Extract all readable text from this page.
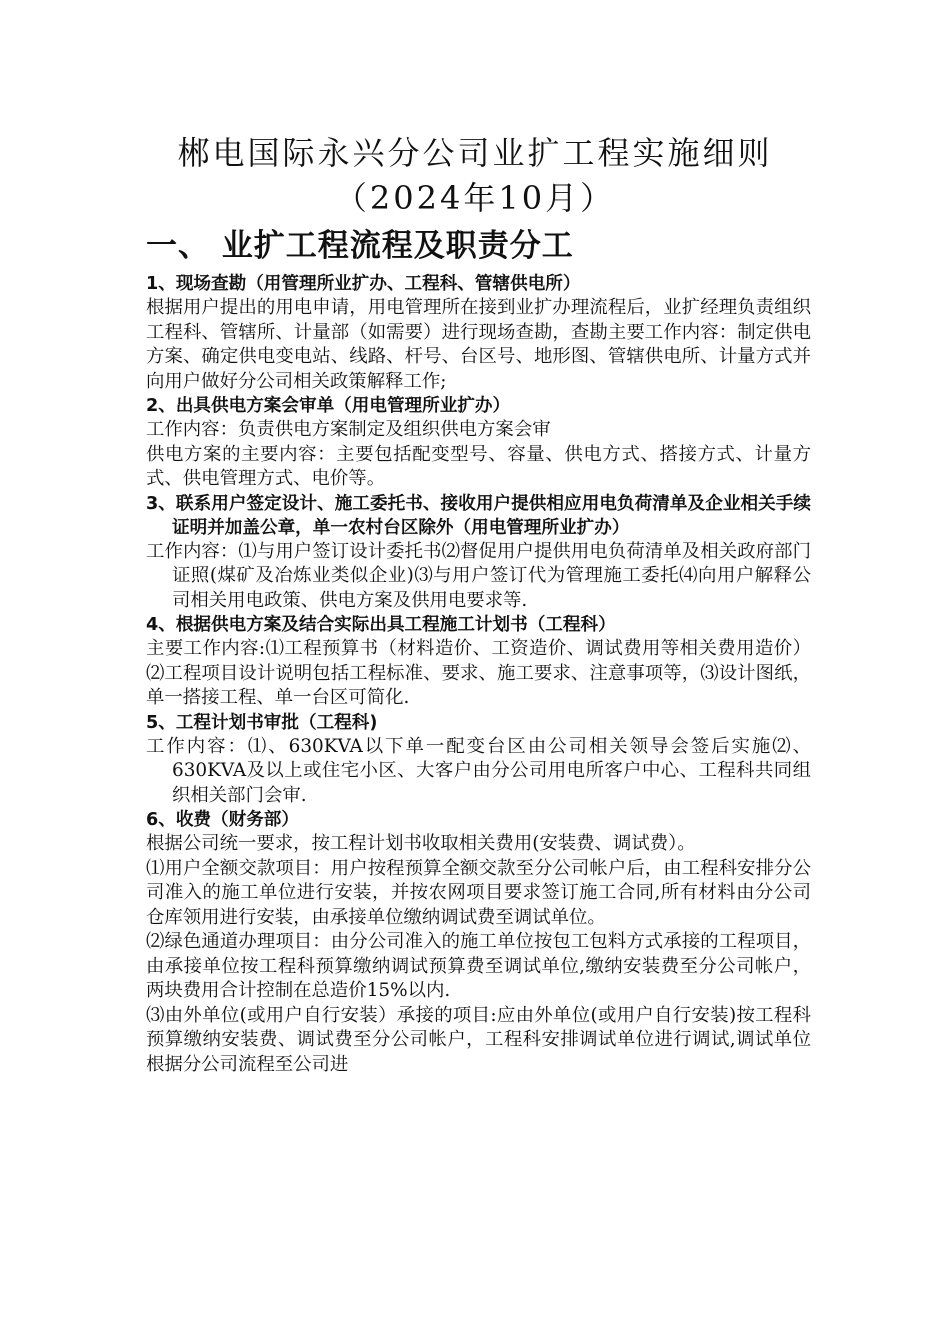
郴电国际永兴分公司业扩工程实施细则
（2024年10月）
一、 业扩工程流程及职责分工
1、现场查勘（用管理所业扩办、工程科、管辖供电所）
根据用户提出的用电申请，用电管理所在接到业扩办理流程后，业扩经理负责组织工程科、管辖所、计量部（如需要）进行现场查勘，查勘主要工作内容：制定供电方案、确定供电变电站、线路、杆号、台区号、地形图、管辖供电所、计量方式并向用户做好分公司相关政策解释工作;
2、出具供电方案会审单（用电管理所业扩办）
工作内容：负责供电方案制定及组织供电方案会审
供电方案的主要内容：主要包括配变型号、容量、供电方式、搭接方式、计量方式、供电管理方式、电价等。
3、联系用户签定设计、施工委托书、接收用户提供相应用电负荷清单及企业相关手续证明并加盖公章，单一农村台区除外（用电管理所业扩办）
工作内容：⑴与用户签订设计委托书⑵督促用户提供用电负荷清单及相关政府部门证照(煤矿及冶炼业类似企业)⑶与用户签订代为管理施工委托⑷向用户解释公司相关用电政策、供电方案及供用电要求等.
4、根据供电方案及结合实际出具工程施工计划书（工程科）
主要工作内容:⑴工程预算书（材料造价、工资造价、调试费用等相关费用造价）⑵工程项目设计说明包括工程标准、要求、施工要求、注意事项等，⑶设计图纸，单一搭接工程、单一台区可简化.
5、工程计划书审批（工程科)
工作内容：⑴、630KVA以下单一配变台区由公司相关领导会签后实施⑵、630KVA及以上或住宅小区、大客户由分公司用电所客户中心、工程科共同组织相关部门会审.
6、收费（财务部）
根据公司统一要求，按工程计划书收取相关费用(安装费、调试费）。
⑴用户全额交款项目：用户按程预算全额交款至分公司帐户后，由工程科安排分公司准入的施工单位进行安装，并按农网项目要求签订施工合同,所有材料由分公司仓库领用进行安装，由承接单位缴纳调试费至调试单位。
⑵绿色通道办理项目：由分公司准入的施工单位按包工包料方式承接的工程项目，由承接单位按工程科预算缴纳调试预算费至调试单位,缴纳安装费至分公司帐户，两块费用合计控制在总造价15%以内.
⑶由外单位(或用户自行安装）承接的项目:应由外单位(或用户自行安装)按工程科预算缴纳安装费、调试费至分公司帐户，工程科安排调试单位进行调试,调试单位根据分公司流程至公司进
